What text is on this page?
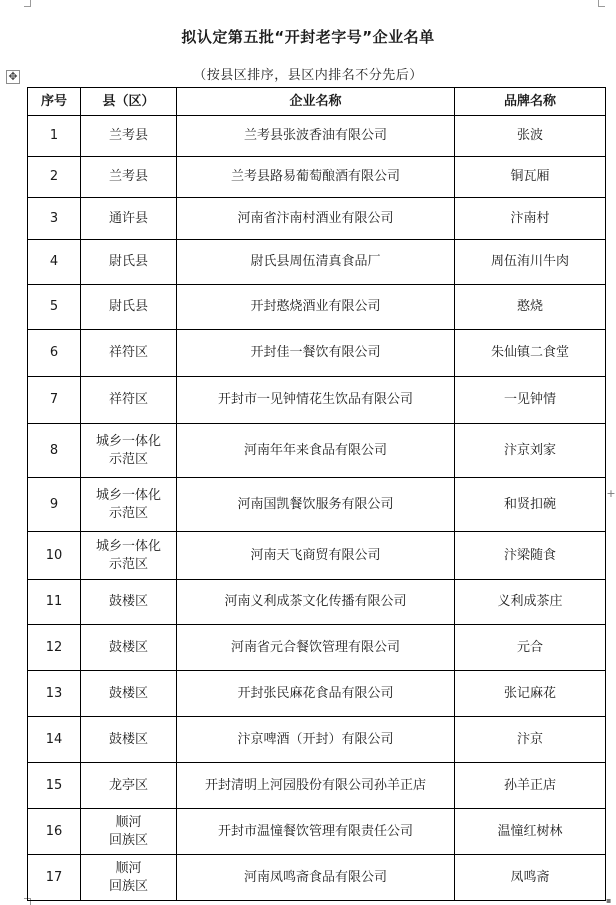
拟认定第五批“开封老字号”企业名单
（按县区排序，县区内排名不分先后）
✥
+
▪
序号	县（区）	企业名称	品牌名称
1	兰考县	兰考县张波香油有限公司	张波
2	兰考县	兰考县路易葡萄酿酒有限公司	铜瓦厢
3	通许县	河南省汴南村酒业有限公司	汴南村
4	尉氏县	尉氏县周伍清真食品厂	周伍洧川牛肉
5	尉氏县	开封憨烧酒业有限公司	憨烧
6	祥符区	开封佳一餐饮有限公司	朱仙镇二食堂
7	祥符区	开封市一见钟情花生饮品有限公司	一见钟情
8	城乡一体化
示范区	河南年年来食品有限公司	汴京刘家
9	城乡一体化
示范区	河南国凯餐饮服务有限公司	和贤扣碗
10	城乡一体化
示范区	河南天飞商贸有限公司	汴梁随食
11	鼓楼区	河南义利成茶文化传播有限公司	义利成茶庄
12	鼓楼区	河南省元合餐饮管理有限公司	元合
13	鼓楼区	开封张民麻花食品有限公司	张记麻花
14	鼓楼区	汴京啤酒（开封）有限公司	汴京
15	龙亭区	开封清明上河园股份有限公司孙羊正店	孙羊正店
16	顺河
回族区	开封市温憧餐饮管理有限责任公司	温憧红树林
17	顺河
回族区	河南凤鸣斋食品有限公司	凤鸣斋
